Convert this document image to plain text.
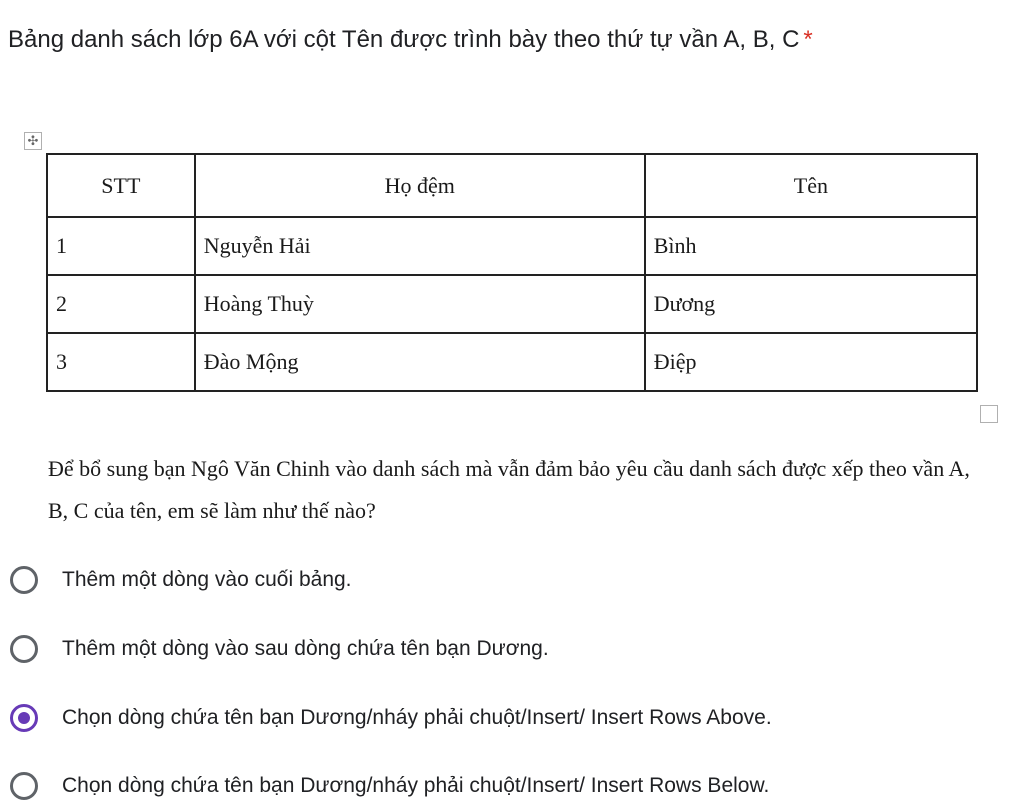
Bảng danh sách lớp 6A với cột Tên được trình bày theo thứ tự vần A, B, C *
✣
STT	Họ đệm	Tên
1	Nguyễn Hải	Bình
2	Hoàng Thuỳ	Dương
3	Đào Mộng	Điệp
Để bổ sung bạn Ngô Văn Chinh vào danh sách mà vẫn đảm bảo yêu cầu danh sách được xếp theo vần A, B, C của tên, em sẽ làm như thế nào?
Thêm một dòng vào cuối bảng.
Thêm một dòng vào sau dòng chứa tên bạn Dương.
Chọn dòng chứa tên bạn Dương/nháy phải chuột/Insert/ Insert Rows Above.
Chọn dòng chứa tên bạn Dương/nháy phải chuột/Insert/ Insert Rows Below.
